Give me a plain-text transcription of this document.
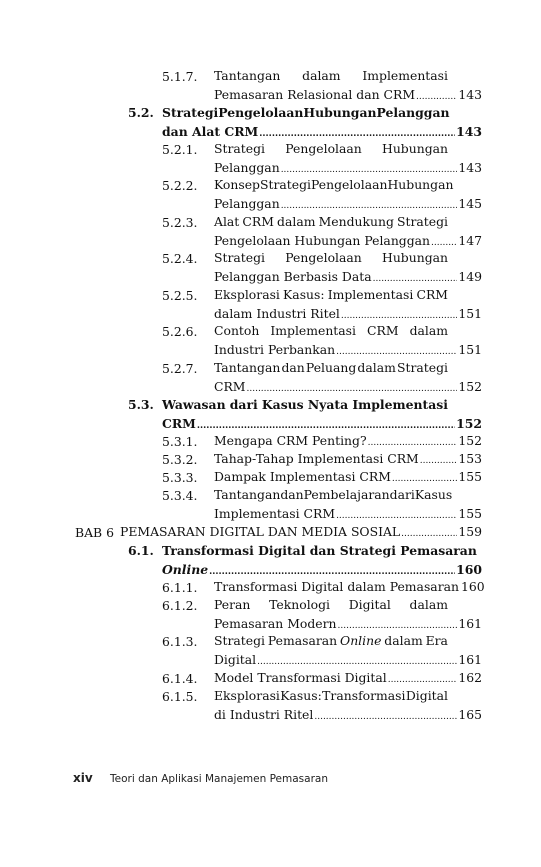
5.1.7. Tantangan dalam Implementasi
Pemasaran Relasional dan CRM .....	143
5.2. Strategi Pengelolaan Hubungan Pelanggan
dan Alat CRM .....	143
5.2.1. Strategi Pengelolaan Hubungan
Pelanggan .....	143
5.2.2. Konsep Strategi Pengelolaan Hubungan
Pelanggan .....	145
5.2.3. Alat CRM dalam Mendukung Strategi
Pengelolaan Hubungan Pelanggan ..... 147
5.2.4. Strategi Pengelolaan Hubungan
Pelanggan Berbasis Data .....	149
5.2.5. Eksplorasi Kasus: Implementasi CRM
dalam Industri Ritel .....	151
5.2.6. Contoh Implementasi CRM dalam
Industri Perbankan .....	151
5.2.7. Tantangan dan Peluang dalam Strategi
CRM .....	152
5.3. Wawasan dari Kasus Nyata Implementasi
CRM .....	152
5.3.1. Mengapa CRM Penting? .....	152
5.3.2. Tahap-Tahap Implementasi CRM .....	153
5.3.3. Dampak Implementasi CRM .....	155
5.3.4. Tantangan dan Pembelajaran dari Kasus
Implementasi CRM .....	155
BAB 6 PEMASARAN DIGITAL DAN MEDIA SOSIAL .....	159
6.1. Transformasi Digital dan Strategi Pemasaran
Online .....	160
6.1.1. Transformasi Digital dalam Pemasaran 160
6.1.2. Peran Teknologi Digital dalam
Pemasaran Modern .....	161
6.1.3. Strategi Pemasaran Online dalam Era
Digital .....	161
6.1.4. Model Transformasi Digital .....	162
6.1.5. Eksplorasi Kasus: Transformasi Digital
di Industri Ritel .....	165
xiv Teori dan Aplikasi Manajemen Pemasaran
